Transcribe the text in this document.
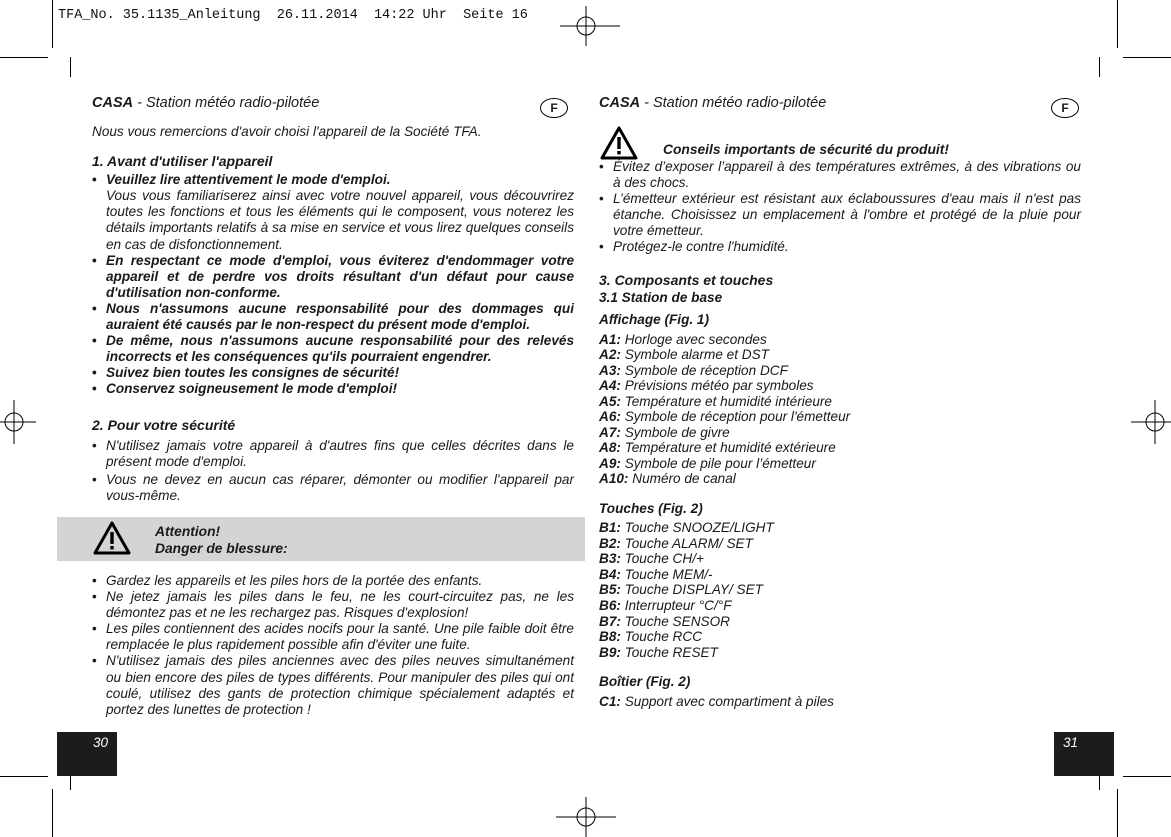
TFA_No. 35.1135_Anleitung  26.11.2014  14:22 Uhr  Seite 16
Attention!
Danger de blessure:
CASA - Station météo radio-pilotée	F
Nous vous remercions d'avoir choisi l'appareil de la Société TFA.
1. Avant d'utiliser l'appareil
• Veuillez lire attentivement le mode d'emploi.
Vous vous familiariserez ainsi avec votre nouvel appareil, vous découvrirez toutes les fonctions et tous les éléments qui le composent, vous noterez les détails importants relatifs à sa mise en service et vous lirez quelques conseils en cas de disfonctionnement.
• En respectant ce mode d'emploi, vous éviterez d'endommager votre appareil et de perdre vos droits résultant d'un défaut pour cause d'utilisation non-conforme.
• Nous n'assumons aucune responsabilité pour des dommages qui auraient été causés par le non-respect du présent mode d'emploi.
• De même, nous n'assumons aucune responsabilité pour des relevés incorrects et les conséquences qu'ils pourraient engendrer.
• Suivez bien toutes les consignes de sécurité!
• Conservez soigneusement le mode d'emploi!
2. Pour votre sécurité
• N'utilisez jamais votre appareil à d'autres fins que celles décrites dans le présent mode d'emploi.
• Vous ne devez en aucun cas réparer, démonter ou modifier l'appareil par vous-même.
• Gardez les appareils et les piles hors de la portée des enfants.
• Ne jetez jamais les piles dans le feu, ne les court-circuitez pas, ne les démontez pas et ne les rechargez pas. Risques d'explosion!
• Les piles contiennent des acides nocifs pour la santé. Une pile faible doit être remplacée le plus rapidement possible afin d'éviter une fuite.
• N'utilisez jamais des piles anciennes avec des piles neuves simultanément ou bien encore des piles de types différents. Pour manipuler des piles qui ont coulé, utilisez des gants de protection chimique spécialement adaptés et portez des lunettes de protection !
30
CASA - Station météo radio-pilotée	F
Conseils importants de sécurité du produit!
• Évitez d’exposer l’appareil à des températures extrêmes, à des vibrations ou à des chocs.
• L’émetteur extérieur est résistant aux éclaboussures d'eau mais il n'est pas étanche. Choisissez un emplacement à l'ombre et protégé de la pluie pour votre émetteur.
• Protégez-le contre l'humidité.
3. Composants et touches
3.1 Station de base
Affichage (Fig. 1)
A1: Horloge avec secondes
A2: Symbole alarme et DST
A3: Symbole de réception DCF
A4: Prévisions météo par symboles
A5: Température et humidité intérieure
A6: Symbole de réception pour l'émetteur
A7: Symbole de givre
A8: Température et humidité extérieure
A9: Symbole de pile pour l’émetteur
A10: Numéro de canal
Touches (Fig. 2)
B1: Touche SNOOZE/LIGHT
B2: Touche ALARM/ SET
B3: Touche CH/+
B4: Touche MEM/-
B5: Touche DISPLAY/ SET
B6: Interrupteur °C/°F
B7: Touche SENSOR
B8: Touche RCC
B9: Touche RESET
Boîtier (Fig. 2)
C1: Support avec compartiment à piles
31
